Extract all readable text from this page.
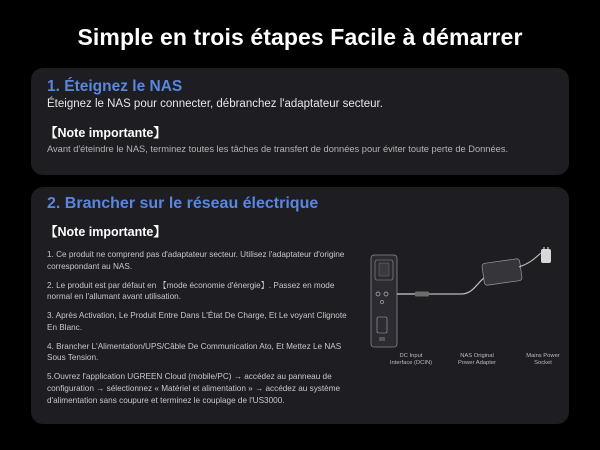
Simple en trois étapes Facile à démarrer
1. Éteignez le NAS
Éteignez le NAS pour connecter, débranchez l'adaptateur secteur.
【Note importante】
Avant d'éteindre le NAS, terminez toutes les tâches de transfert de données pour éviter toute perte de Données.
2. Brancher sur le réseau électrique
【Note importante】
1. Ce produit ne comprend pas d'adaptateur secteur. Utilisez l'adaptateur d'origine correspondant au NAS.
2. Le produit est par défaut en 【mode économie d'énergie】. Passez en mode normal en l'allumant avant utilisation.
3. Après Activation, Le Produit Entre Dans L'État De Charge, Et Le voyant Clignote En Blanc.
4. Brancher L'Alimentation/UPS/Câble De Communication Ato, Et Mettez Le NAS Sous Tension.
5.Ouvrez l'application UGREEN Cloud (mobile/PC) → accédez au panneau de configuration → sélectionnez « Matériel et alimentation » → accédez au système d'alimentation sans coupure et terminez le couplage de l'US3000.
DC Input
Interface (DCIN)
NAS Original
Power Adapter
Mains Power
Socket
